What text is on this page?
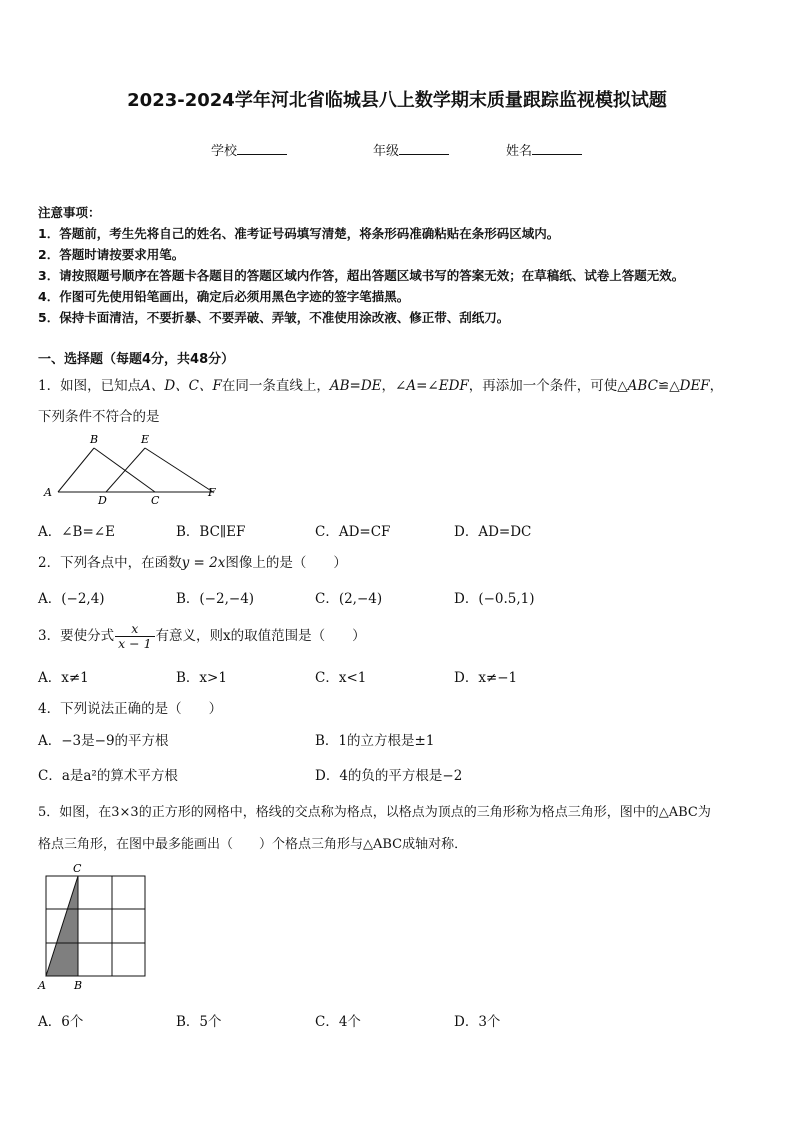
2023-2024学年河北省临城县八上数学期末质量跟踪监视模拟试题
学校	年级	姓名
注意事项：
1．答题前，考生先将自己的姓名、准考证号码填写清楚，将条形码准确粘贴在条形码区域内。
2．答题时请按要求用笔。
3．请按照题号顺序在答题卡各题目的答题区域内作答，超出答题区域书写的答案无效；在草稿纸、试卷上答题无效。
4．作图可先使用铅笔画出，确定后必须用黑色字迹的签字笔描黑。
5．保持卡面清洁，不要折暴、不要弄破、弄皱，不准使用涂改液、修正带、刮纸刀。
一、选择题（每题4分，共48分）
1．如图，已知点A、D、C、F在同一条直线上，AB=DE，∠A=∠EDF，再添加一个条件，可使△ABC≌△DEF，
下列条件不符合的是
A
B	E
D	C
F
A．∠B=∠E	B．BC∥EF	C．AD=CF	D．AD=DC
2．下列各点中，在函数y = 2x图像上的是（　　）
A．(−2,4)	B．(−2,−4)	C．(2,−4)	D．(−0.5,1)
3．要使分式 $\frac{x}{x - 1}$ 有意义，则x的取值范围是（　　）
A．x≠1	B．x>1	C．x<1	D．x≠−1
4．下列说法正确的是（　　）
A．−3是−9的平方根	B．1的立方根是±1
C．a是a²的算术平方根	D．4的负的平方根是−2
5．如图，在3×3的正方形的网格中，格线的交点称为格点，以格点为顶点的三角形称为格点三角形，图中的△ABC为
格点三角形，在图中最多能画出（　　）个格点三角形与△ABC成轴对称．
A	B
C
A．6个	B．5个	C．4个	D．3个
